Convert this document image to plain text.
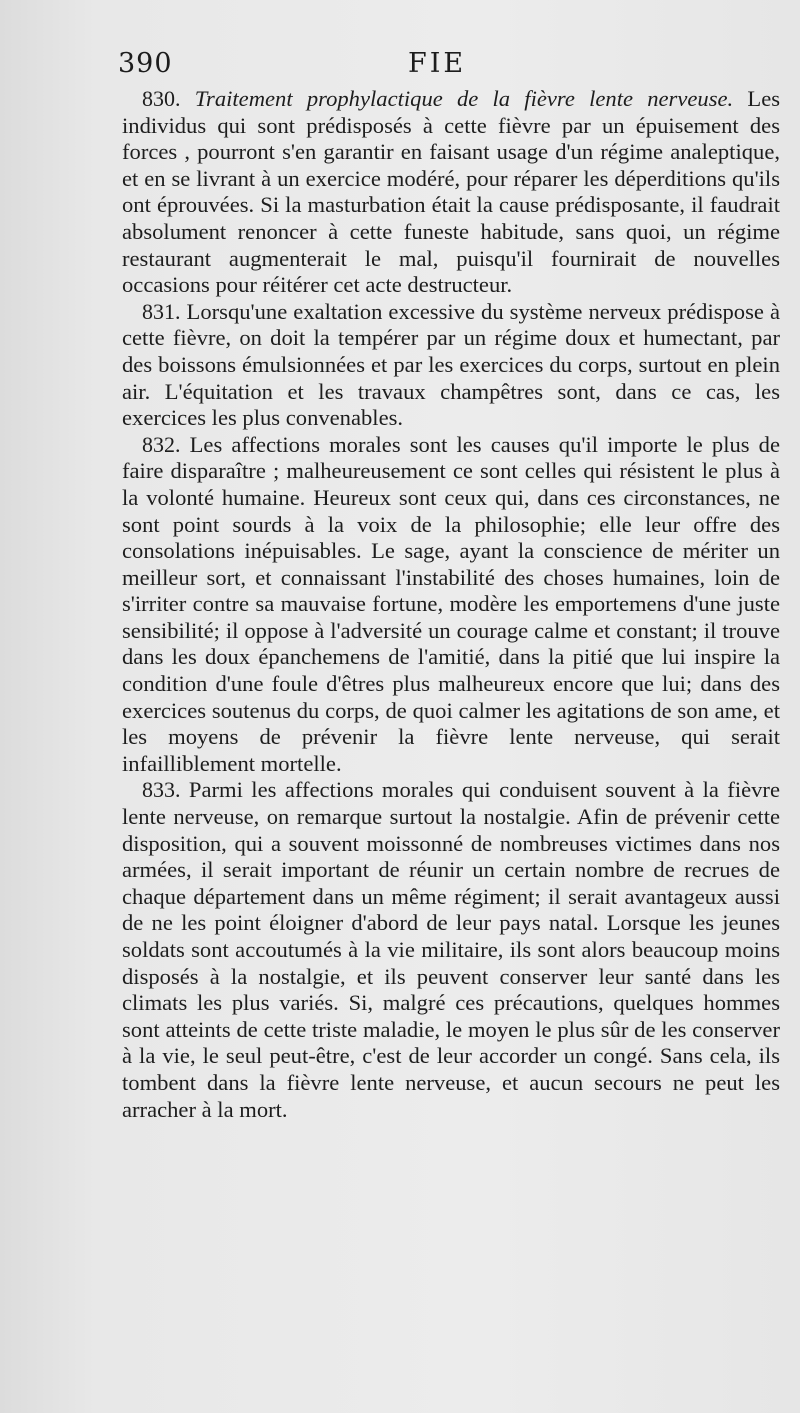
390	FIE

830. Traitement prophylactique de la fièvre lente nerveuse. Les individus qui sont prédisposés à cette fièvre par un épuisement des forces , pourront s'en garantir en faisant usage d'un régime analeptique, et en se livrant à un exercice modéré, pour réparer les déperditions qu'ils ont éprouvées. Si la masturbation était la cause prédisposante, il faudrait absolument renoncer à cette funeste habitude, sans quoi, un régime restaurant augmenterait le mal, puisqu'il fournirait de nouvelles occasions pour réitérer cet acte destructeur.

831. Lorsqu'une exaltation excessive du système nerveux prédispose à cette fièvre, on doit la tempérer par un régime doux et humectant, par des boissons émulsionnées et par les exercices du corps, surtout en plein air. L'équitation et les travaux champêtres sont, dans ce cas, les exercices les plus convenables.

832. Les affections morales sont les causes qu'il importe le plus de faire disparaître ; malheureusement ce sont celles qui résistent le plus à la volonté humaine. Heureux sont ceux qui, dans ces circonstances, ne sont point sourds à la voix de la philosophie; elle leur offre des consolations inépuisables. Le sage, ayant la conscience de mériter un meilleur sort, et connaissant l'instabilité des choses humaines, loin de s'irriter contre sa mauvaise fortune, modère les emportemens d'une juste sensibilité; il oppose à l'adversité un courage calme et constant; il trouve dans les doux épanchemens de l'amitié, dans la pitié que lui inspire la condition d'une foule d'êtres plus malheureux encore que lui; dans des exercices soutenus du corps, de quoi calmer les agitations de son ame, et les moyens de prévenir la fièvre lente nerveuse, qui serait infailliblement mortelle.

833. Parmi les affections morales qui conduisent souvent à la fièvre lente nerveuse, on remarque surtout la nostalgie. Afin de prévenir cette disposition, qui a souvent moissonné de nombreuses victimes dans nos armées, il serait important de réunir un certain nombre de recrues de chaque département dans un même régiment; il serait avantageux aussi de ne les point éloigner d'abord de leur pays natal. Lorsque les jeunes soldats sont accoutumés à la vie militaire, ils sont alors beaucoup moins disposés à la nostalgie, et ils peuvent conserver leur santé dans les climats les plus variés. Si, malgré ces précautions, quelques hommes sont atteints de cette triste maladie, le moyen le plus sûr de les conserver à la vie, le seul peut-être, c'est de leur accorder un congé. Sans cela, ils tombent dans la fièvre lente nerveuse, et aucun secours ne peut les arracher à la mort.
